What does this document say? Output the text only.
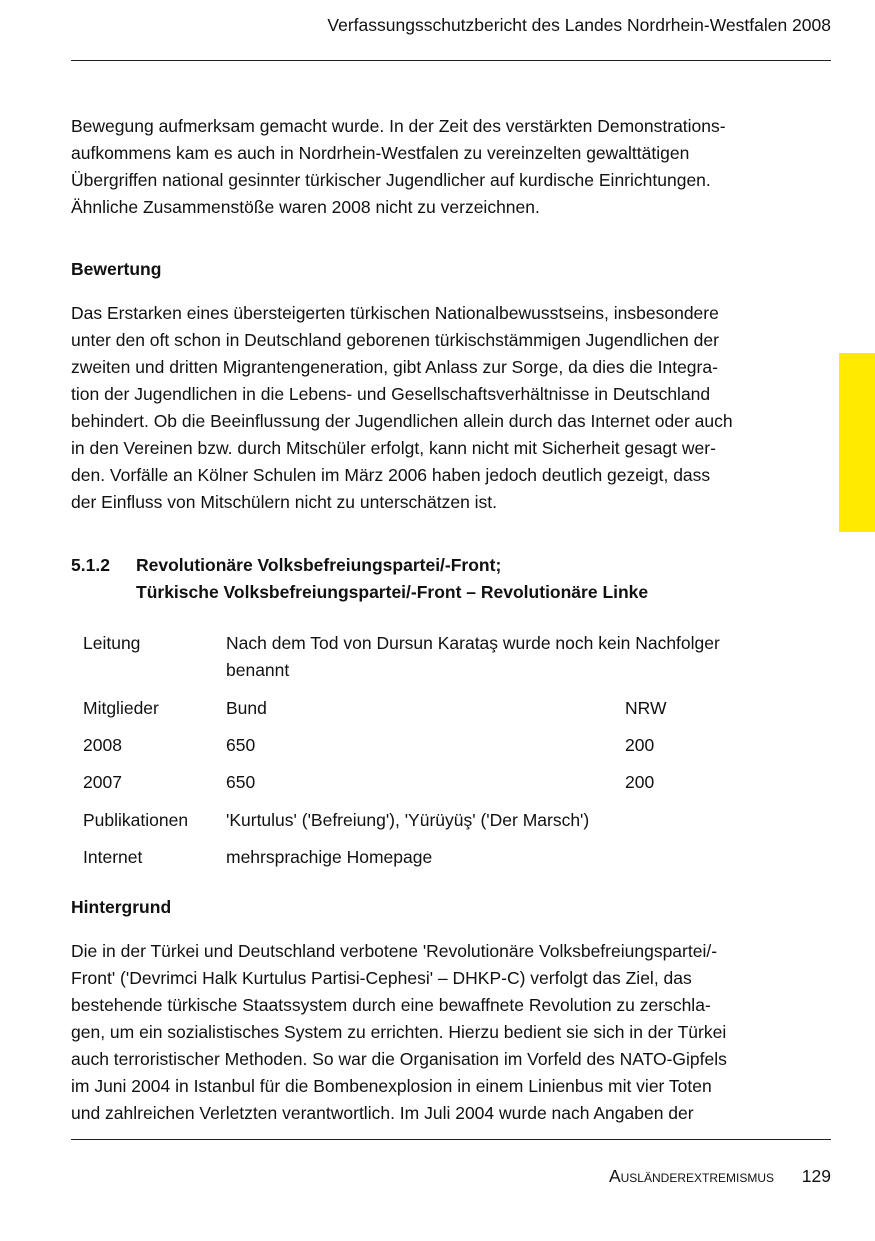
Verfassungsschutzbericht des Landes Nordrhein-Westfalen 2008

Bewegung aufmerksam gemacht wurde. In der Zeit des verstärkten Demonstrations-
aufkommens kam es auch in Nordrhein-Westfalen zu vereinzelten gewalttätigen
Übergriffen national gesinnter türkischer Jugendlicher auf kurdische Einrichtungen.
Ähnliche Zusammenstöße waren 2008 nicht zu verzeichnen.

Bewertung

Das Erstarken eines übersteigerten türkischen Nationalbewusstseins, insbesondere
unter den oft schon in Deutschland geborenen türkischstämmigen Jugendlichen der
zweiten und dritten Migrantengeneration, gibt Anlass zur Sorge, da dies die Integra-
tion der Jugendlichen in die Lebens- und Gesellschaftsverhältnisse in Deutschland
behindert. Ob die Beeinflussung der Jugendlichen allein durch das Internet oder auch
in den Vereinen bzw. durch Mitschüler erfolgt, kann nicht mit Sicherheit gesagt wer-
den. Vorfälle an Kölner Schulen im März 2006 haben jedoch deutlich gezeigt, dass
der Einfluss von Mitschülern nicht zu unterschätzen ist.

5.1.2 Revolutionäre Volksbefreiungspartei/-Front;
Türkische Volksbefreiungspartei/-Front – Revolutionäre Linke
Leitung	Nach dem Tod von Dursun Karataş wurde noch kein Nachfolger
benannt
Mitglieder	Bund	NRW
2008	650	200
2007	650	200
Publikationen 'Kurtulus' ('Befreiung'), 'Yürüyüş' ('Der Marsch')
Internet	mehrsprachige Homepage
Hintergrund

Die in der Türkei und Deutschland verbotene 'Revolutionäre Volksbefreiungspartei/-
Front' ('Devrimci Halk Kurtulus Partisi-Cephesi' – DHKP-C) verfolgt das Ziel, das
bestehende türkische Staatssystem durch eine bewaffnete Revolution zu zerschla-
gen, um ein sozialistisches System zu errichten. Hierzu bedient sie sich in der Türkei
auch terroristischer Methoden. So war die Organisation im Vorfeld des NATO-Gipfels
im Juni 2004 in Istanbul für die Bombenexplosion in einem Linienbus mit vier Toten
und zahlreichen Verletzten verantwortlich. Im Juli 2004 wurde nach Angaben der

Ausländerextremismus 129
